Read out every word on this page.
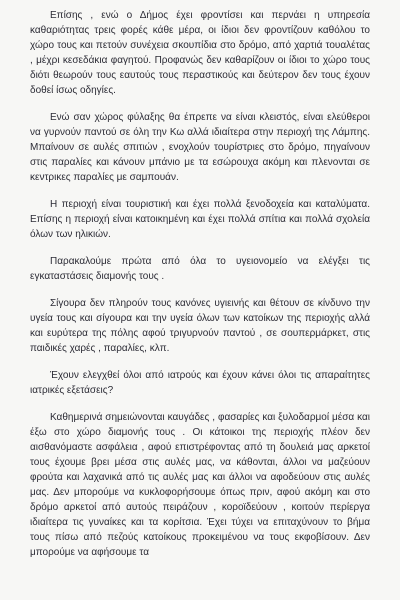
Επίσης , ενώ ο Δήμος έχει φροντίσει και περνάει η υπηρεσία καθαριότητας τρεις φορές κάθε μέρα, οι ίδιοι δεν φροντίζουν καθόλου το χώρο τους και πετούν συνέχεια σκουπίδια στο δρόμο, από χαρτιά τουαλέτας , μέχρι κεσεδάκια φαγητού. Προφανώς δεν καθαρίζουν οι ίδιοι το χώρο τους διότι θεωρούν τους εαυτούς τους περαστικούς και δεύτερον δεν τους έχουν δοθεί ίσως οδηγίες.

Ενώ σαν χώρος φύλαξης θα έπρεπε να είναι κλειστός, είναι ελεύθεροι να γυρνούν παντού σε όλη την Κω αλλά ιδιαίτερα στην περιοχή της Λάμπης. Μπαίνουν σε αυλές σπιτιών , ενοχλούν τουρίστριες στο δρόμο, πηγαίνουν στις παραλίες και κάνουν μπάνιο με τα εσώρουχα ακόμη και πλενονται σε κεντρικες παραλίες με σαμπουάν.

Η περιοχή είναι τουριστική και έχει πολλά ξενοδοχεία και καταλύματα. Επίσης η περιοχή είναι κατοικημένη και έχει πολλά σπίτια και πολλά σχολεία όλων των ηλικιών.

Παρακαλούμε πρώτα από όλα το υγειονομείο να ελέγξει τις εγκαταστάσεις διαμονής τους .

Σίγουρα δεν πληρούν τους κανόνες υγιεινής και θέτουν σε κίνδυνο την υγεία τους και σίγουρα και την υγεία όλων των κατοίκων της περιοχής αλλά και ευρύτερα της πόλης αφού τριγυρνούν παντού , σε σουπερμάρκετ, στις παιδικές χαρές , παραλίες, κλπ.

Έχουν ελεγχθεί όλοι από ιατρούς και έχουν κάνει όλοι τις απαραίτητες ιατρικές εξετάσεις?

Καθημερινά σημειώνονται καυγάδες , φασαρίες και ξυλοδαρμοί μέσα και έξω στο χώρο διαμονής τους . Οι κάτοικοι της περιοχής πλέον δεν αισθανόμαστε ασφάλεια , αφού επιστρέφοντας από τη δουλειά μας αρκετοί τους έχουμε βρει μέσα στις αυλές μας, να κάθονται, άλλοι να μαζεύουν φρούτα και λαχανικά από τις αυλές μας και άλλοι να αφοδεύουν στις αυλές μας. Δεν μπορούμε να κυκλοφορήσουμε όπως πριν, αφού ακόμη και στο δρόμο αρκετοί από αυτούς πειράζουν , κοροϊδεύουν , κοιτούν περίεργα ιδιαίτερα τις γυναίκες και τα κορίτσια. Έχει τύχει να επιταχύνουν το βήμα τους πίσω από πεζούς κατοίκους προκειμένου να τους εκφοβίσουν. Δεν μπορούμε να αφήσουμε τα
